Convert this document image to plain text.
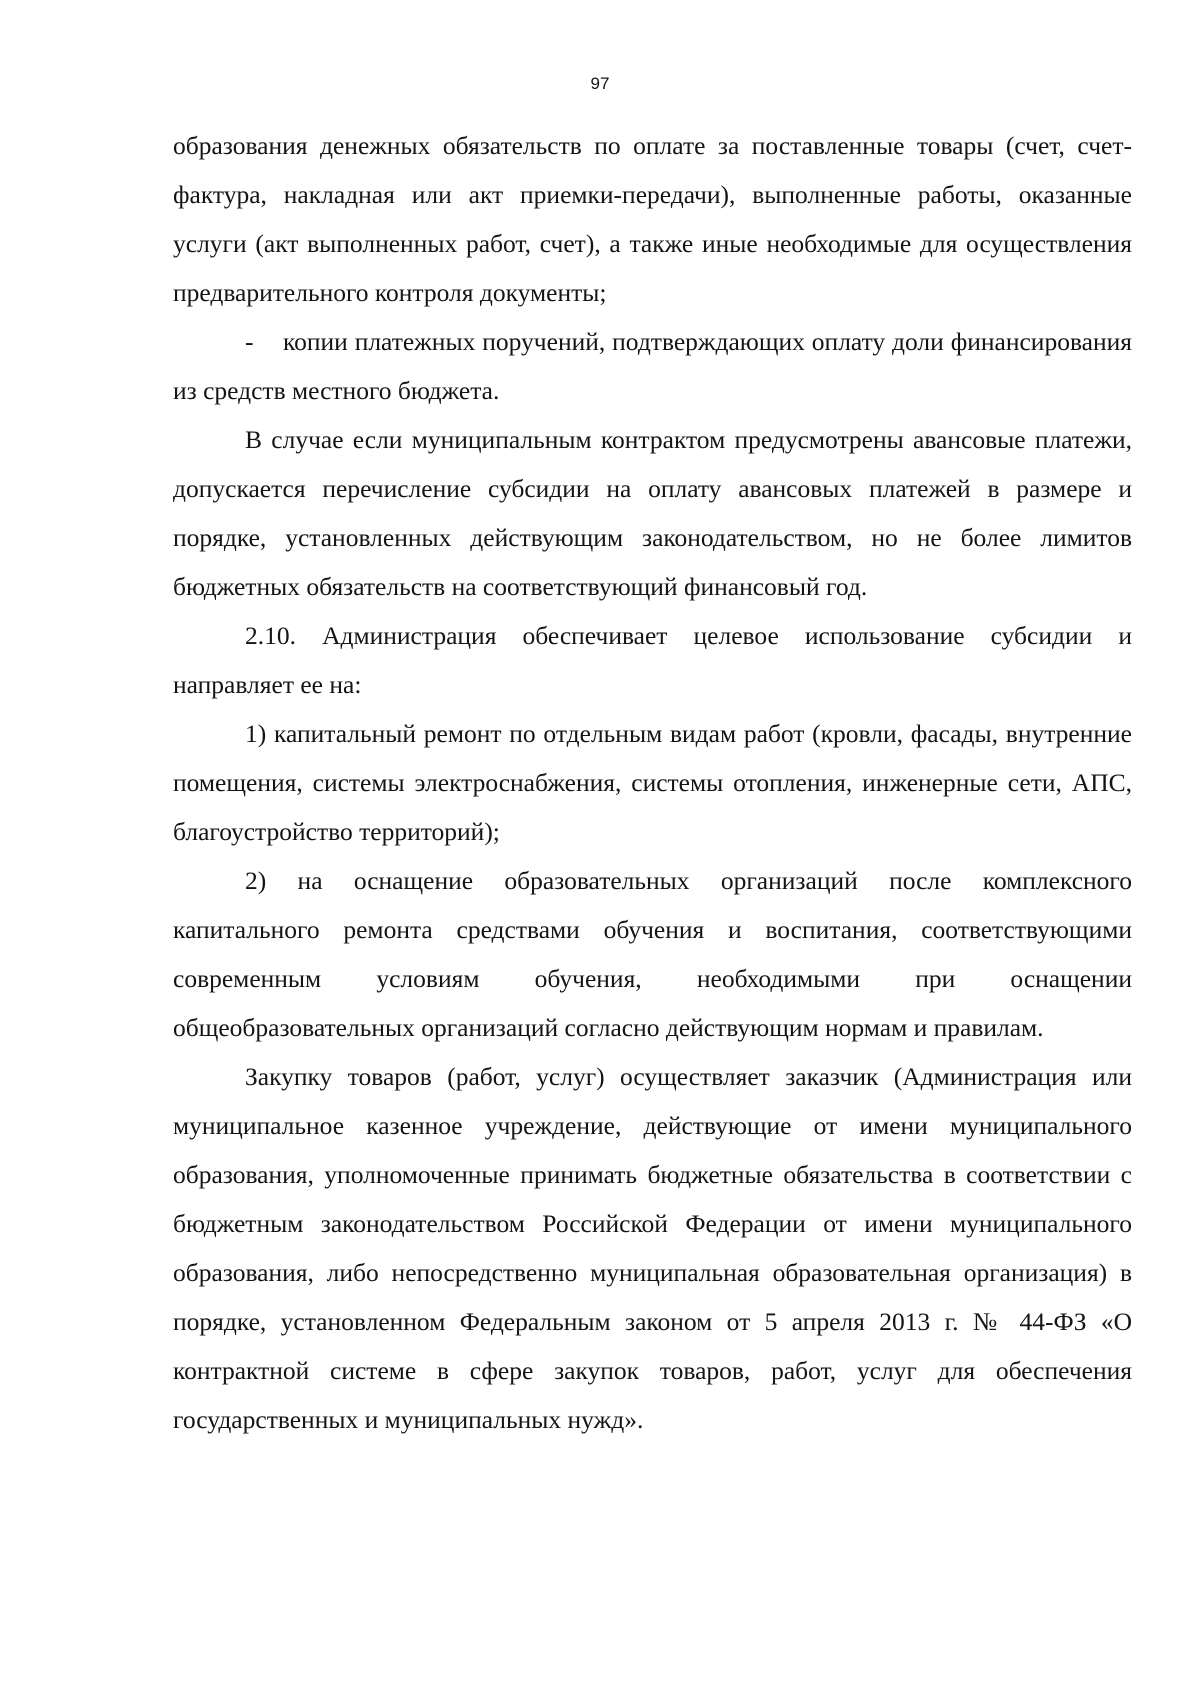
97

образования денежных обязательств по оплате за поставленные товары (счет, счет-фактура, накладная или акт приемки-передачи), выполненные работы, оказанные услуги (акт выполненных работ, счет), а также иные необходимые для осуществления предварительного контроля документы;

- копии платежных поручений, подтверждающих оплату доли финансирования из средств местного бюджета.

В случае если муниципальным контрактом предусмотрены авансовые платежи, допускается перечисление субсидии на оплату авансовых платежей в размере и порядке, установленных действующим законодательством, но не более лимитов бюджетных обязательств на соответствующий финансовый год.

2.10. Администрация обеспечивает целевое использование субсидии и направляет ее на:

1) капитальный ремонт по отдельным видам работ (кровли, фасады, внутренние помещения, системы электроснабжения, системы отопления, инженерные сети, АПС, благоустройство территорий);

2) на оснащение образовательных организаций после комплексного капитального ремонта средствами обучения и воспитания, соответствующими современным условиям обучения, необходимыми при оснащении общеобразовательных организаций согласно действующим нормам и правилам.

Закупку товаров (работ, услуг) осуществляет заказчик (Администрация или муниципальное казенное учреждение, действующие от имени муниципального образования, уполномоченные принимать бюджетные обязательства в соответствии с бюджетным законодательством Российской Федерации от имени муниципального образования, либо непосредственно муниципальная образовательная организация) в порядке, установленном Федеральным законом от 5 апреля 2013 г. № 44-ФЗ «О контрактной системе в сфере закупок товаров, работ, услуг для обеспечения государственных и муниципальных нужд».
